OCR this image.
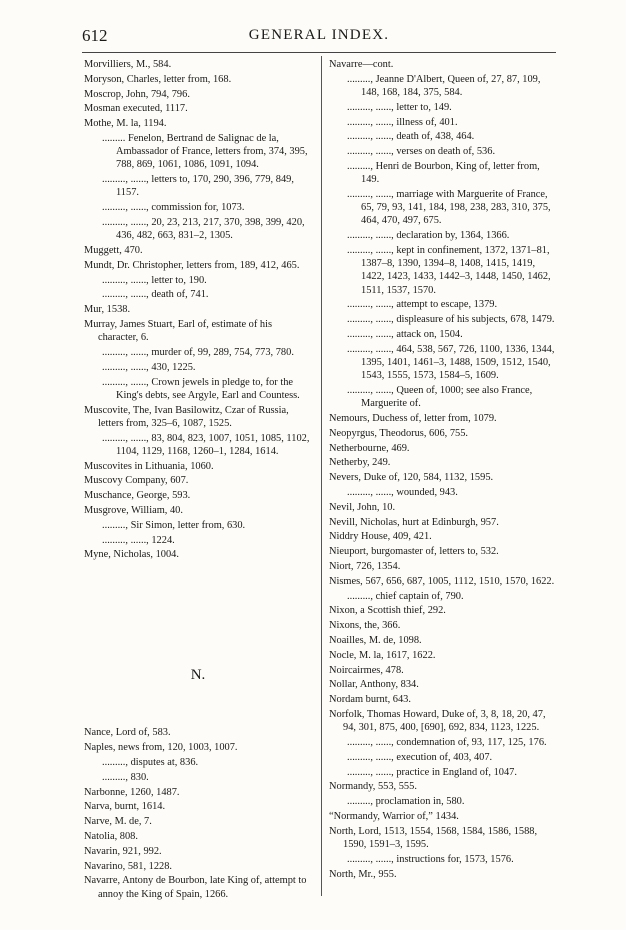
612	GENERAL INDEX.
Morvilliers, M., 584.
Moryson, Charles, letter from, 168.
Moscrop, John, 794, 796.
Mosman executed, 1117.
Mothe, M. la, 1194.
......... Fenelon, Bertrand de Salignac de la, Ambassador of France, letters from, 374, 395, 788, 869, 1061, 1086, 1091, 1094.
........., ......, letters to, 170, 290, 396, 779, 849, 1157.
........., ......, commission for, 1073.
........., ......, 20, 23, 213, 217, 370, 398, 399, 420, 436, 482, 663, 831–2, 1305.
Muggett, 470.
Mundt, Dr. Christopher, letters from, 189, 412, 465.
........., ......, letter to, 190.
........., ......, death of, 741.
Mur, 1538.
Murray, James Stuart, Earl of, estimate of his character, 6.
........., ......, murder of, 99, 289, 754, 773, 780.
........., ......, 430, 1225.
........., ......, Crown jewels in pledge to, for the King's debts, see Argyle, Earl and Countess.
Muscovite, The, Ivan Basilowitz, Czar of Russia, letters from, 325–6, 1087, 1525.
........., ......, 83, 804, 823, 1007, 1051, 1085, 1102, 1104, 1129, 1168, 1260–1, 1284, 1614.
Muscovites in Lithuania, 1060.
Muscovy Company, 607.
Muschance, George, 593.
Musgrove, William, 40.
........., Sir Simon, letter from, 630.
........., ......, 1224.
Myne, Nicholas, 1004.
N.
Nance, Lord of, 583.
Naples, news from, 120, 1003, 1007.
........., disputes at, 836.
........., 830.
Narbonne, 1260, 1487.
Narva, burnt, 1614.
Narve, M. de, 7.
Natolia, 808.
Navarin, 921, 992.
Navarino, 581, 1228.
Navarre, Antony de Bourbon, late King of, attempt to annoy the King of Spain, 1266.
Navarre—cont.
........., Jeanne D'Albert, Queen of, 27, 87, 109, 148, 168, 184, 375, 584.
........., ......, letter to, 149.
........., ......, illness of, 401.
........., ......, death of, 438, 464.
........., ......, verses on death of, 536.
........., Henri de Bourbon, King of, letter from, 149.
........., ......, marriage with Marguerite of France, 65, 79, 93, 141, 184, 198, 238, 283, 310, 375, 464, 470, 497, 675.
........., ......, declaration by, 1364, 1366.
........., ......, kept in confinement, 1372, 1371–81, 1387–8, 1390, 1394–8, 1408, 1415, 1419, 1422, 1423, 1433, 1442–3, 1448, 1450, 1462, 1511, 1537, 1570.
........., ......, attempt to escape, 1379.
........., ......, displeasure of his subjects, 678, 1479.
........., ......, attack on, 1504.
........., ......, 464, 538, 567, 726, 1100, 1336, 1344, 1395, 1401, 1461–3, 1488, 1509, 1512, 1540, 1543, 1555, 1573, 1584–5, 1609.
........., ......, Queen of, 1000; see also France, Marguerite of.
Nemours, Duchess of, letter from, 1079.
Neopyrgus, Theodorus, 606, 755.
Netherbourne, 469.
Netherby, 249.
Nevers, Duke of, 120, 584, 1132, 1595.
........., ......, wounded, 943.
Nevil, John, 10.
Nevill, Nicholas, hurt at Edinburgh, 957.
Niddry House, 409, 421.
Nieuport, burgomaster of, letters to, 532.
Niort, 726, 1354.
Nismes, 567, 656, 687, 1005, 1112, 1510, 1570, 1622.
........., chief captain of, 790.
Nixon, a Scottish thief, 292.
Nixons, the, 366.
Noailles, M. de, 1098.
Nocle, M. la, 1617, 1622.
Noircairmes, 478.
Nollar, Anthony, 834.
Nordam burnt, 643.
Norfolk, Thomas Howard, Duke of, 3, 8, 18, 20, 47, 94, 301, 875, 400, [690], 692, 834, 1123, 1225.
........., ......, condemnation of, 93, 117, 125, 176.
........., ......, execution of, 403, 407.
........., ......, practice in England of, 1047.
Normandy, 553, 555.
........., proclamation in, 580.
“Normandy, Warrior of,” 1434.
North, Lord, 1513, 1554, 1568, 1584, 1586, 1588, 1590, 1591–3, 1595.
........., ......, instructions for, 1573, 1576.
North, Mr., 955.
